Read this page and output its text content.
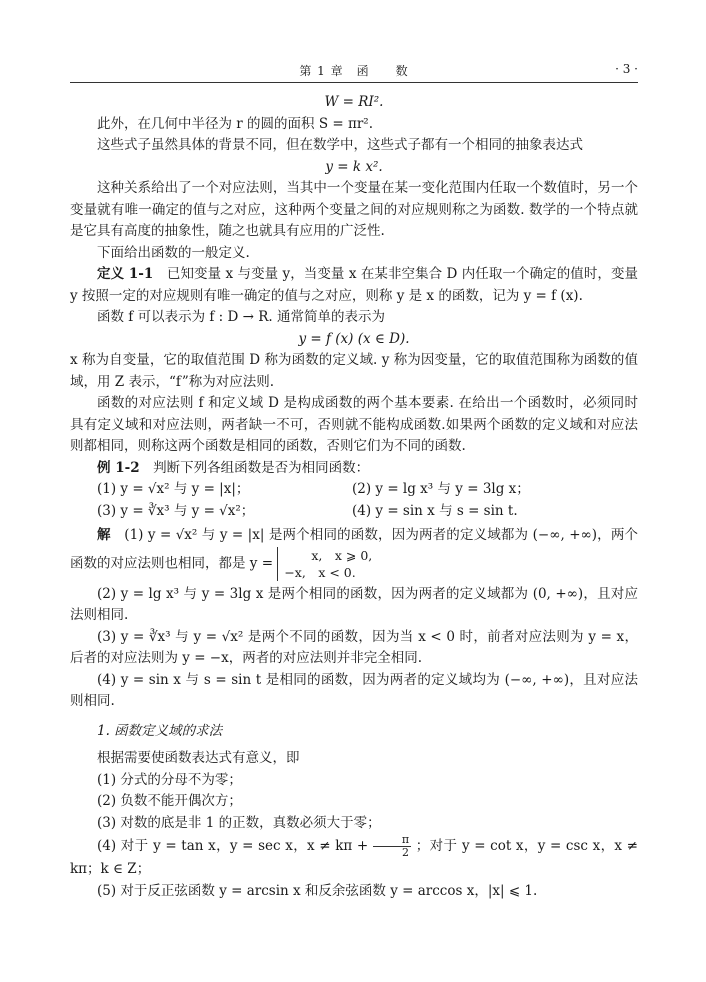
第 1 章　函　　数	· 3 ·

W = RI².

此外，在几何中半径为 r 的圆的面积 S = πr².

这些式子虽然具体的背景不同，但在数学中，这些式子都有一个相同的抽象表达式

y = k x².

这种关系给出了一个对应法则，当其中一个变量在某一变化范围内任取一个数值时，另一个变量就有唯一确定的值与之对应，这种两个变量之间的对应规则称之为函数. 数学的一个特点就是它具有高度的抽象性，随之也就具有应用的广泛性.

下面给出函数的一般定义.

定义 1-1　已知变量 x 与变量 y，当变量 x 在某非空集合 D 内任取一个确定的值时，变量 y 按照一定的对应规则有唯一确定的值与之对应，则称 y 是 x 的函数，记为 y = f (x).

函数 f 可以表示为 f : D → R. 通常简单的表示为

y = f (x) (x ∈ D).

x 称为自变量，它的取值范围 D 称为函数的定义域. y 称为因变量，它的取值范围称为函数的值域，用 Z 表示，“f”称为对应法则.

函数的对应法则 f 和定义域 D 是构成函数的两个基本要素. 在给出一个函数时，必须同时具有定义域和对应法则，两者缺一不可，否则就不能构成函数.如果两个函数的定义域和对应法则都相同，则称这两个函数是相同的函数，否则它们为不同的函数.

例 1-2　判断下列各组函数是否为相同函数：

(1) y = √x² 与 y = |x|；	(2) y = lg x³ 与 y = 3lg x；
(3) y = ∛x³ 与 y = √x²；	(4) y = sin x 与 s = sin t.

解　(1) y = √x² 与 y = |x| 是两个相同的函数，因为两者的定义域都为 (−∞, +∞)，两个函数的对应法则也相同，都是 y =	x,　x ⩾ 0,
−x,　x < 0.

(2) y = lg x³ 与 y = 3lg x 是两个相同的函数，因为两者的定义域都为 (0, +∞)，且对应法则相同.

(3) y = ∛x³ 与 y = √x² 是两个不同的函数，因为当 x < 0 时，前者对应法则为 y = x，后者的对应法则为 y = −x，两者的对应法则并非完全相同.

(4) y = sin x 与 s = sin t 是相同的函数，因为两者的定义域均为 (−∞, +∞)，且对应法则相同.

1. 函数定义域的求法

根据需要使函数表达式有意义，即

(1) 分式的分母不为零；

(2) 负数不能开偶次方；

(3) 对数的底是非 1 的正数，真数必须大于零；

(4) 对于 y = tan x，y = sec x，$x \ne k\pi + \frac{\pi}{2}$ ；对于 y = cot x，y = csc x，x ≠ kπ；k ∈ Z；

(5) 对于反正弦函数 y = arcsin x 和反余弦函数 y = arccos x，|x| ⩽ 1.
